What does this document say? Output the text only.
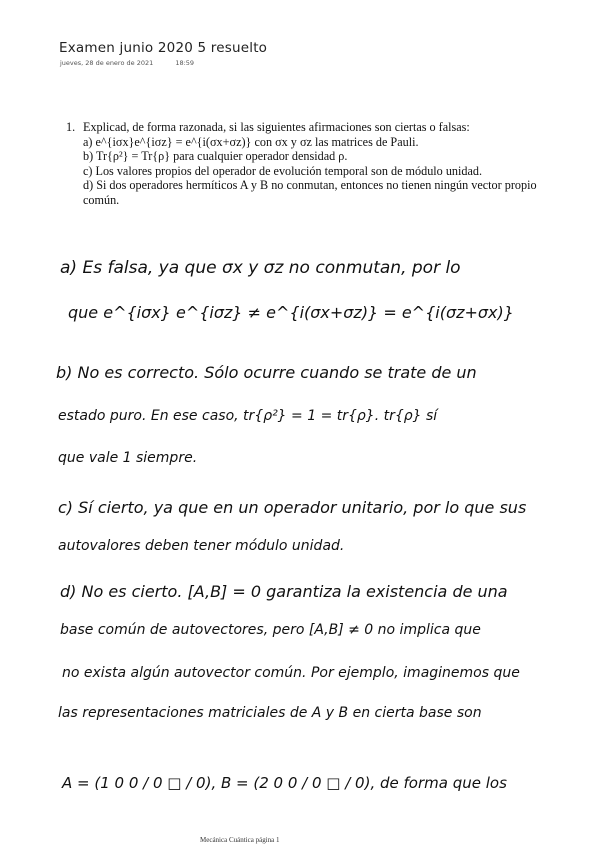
Examen junio 2020 5 resuelto
jueves, 28 de enero de 2021	18:59
1. Explicad, de forma razonada, si las siguientes afirmaciones son ciertas o falsas:
a) e^{iσx}e^{iσz} = e^{i(σx+σz)} con σx y σz las matrices de Pauli.
b) Tr{ρ²} = Tr{ρ} para cualquier operador densidad ρ.
c) Los valores propios del operador de evolución temporal son de módulo unidad.
d) Si dos operadores hermíticos A y B no conmutan, entonces no tienen ningún vector propio
común.
a) Es falsa, ya que σx y σz no conmutan, por lo
que e^{iσx} e^{iσz} ≠ e^{i(σx+σz)} = e^{i(σz+σx)}
b) No es correcto. Sólo ocurre cuando se trate de un
estado puro. En ese caso, tr{ρ²} = 1 = tr{ρ}. tr{ρ} sí
que vale 1 siempre.
c) Sí cierto, ya que en un operador unitario, por lo que sus
autovalores deben tener módulo unidad.
d) No es cierto. [A,B] = 0 garantiza la existencia de una
base común de autovectores, pero [A,B] ≠ 0 no implica que
no exista algún autovector común. Por ejemplo, imaginemos que
las representaciones matriciales de A y B en cierta base son
A = (1 0 0 / 0 □ / 0), B = (2 0 0 / 0 □ / 0), de forma que los
Mecánica Cuántica página 1
